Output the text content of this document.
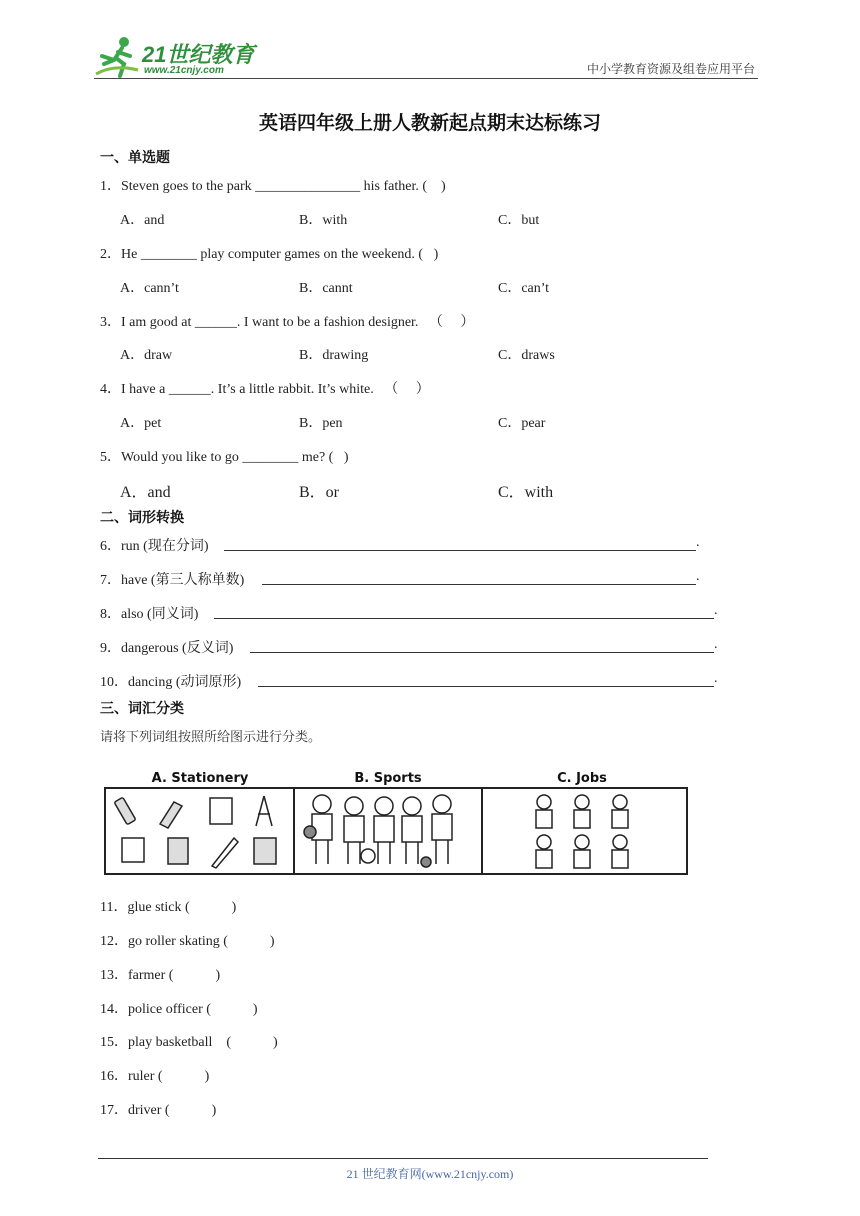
21世纪教育
www.21cnjy.com	中小学教育资源及组卷应用平台
英语四年级上册人教新起点期末达标练习
一、单选题
1．Steven goes to the park _______________ his father. (    )
A．and	B．with	C．but
2．He ________ play computer games on the weekend. (   )
A．cann’t	B．cannt	C．can’t
3．I am good at ______. I want to be a fashion designer.   （     ）
A．draw	B．drawing	C．draws
4．I have a ______. It’s a little rabbit. It’s white.   （     ）
A．pet	B．pen	C．pear
5．Would you like to go ________ me? (   )
A．and	B．or	C．with
二、词形转换
6．run (现在分词)	.
7．have (第三人称单数)	.
8．also (同义词)	.
9．dangerous (反义词)	.
10．dancing (动词原形)	.
三、词汇分类
请将下列词组按照所给图示进行分类。
A. Stationery	B. Sports	C. Jobs
11．glue stick (            )
12．go roller skating (            )
13．farmer (            )
14．police officer (            )
15．play basketball    (            )
16．ruler (            )
17．driver (            )
21 世纪教育网(www.21cnjy.com)
